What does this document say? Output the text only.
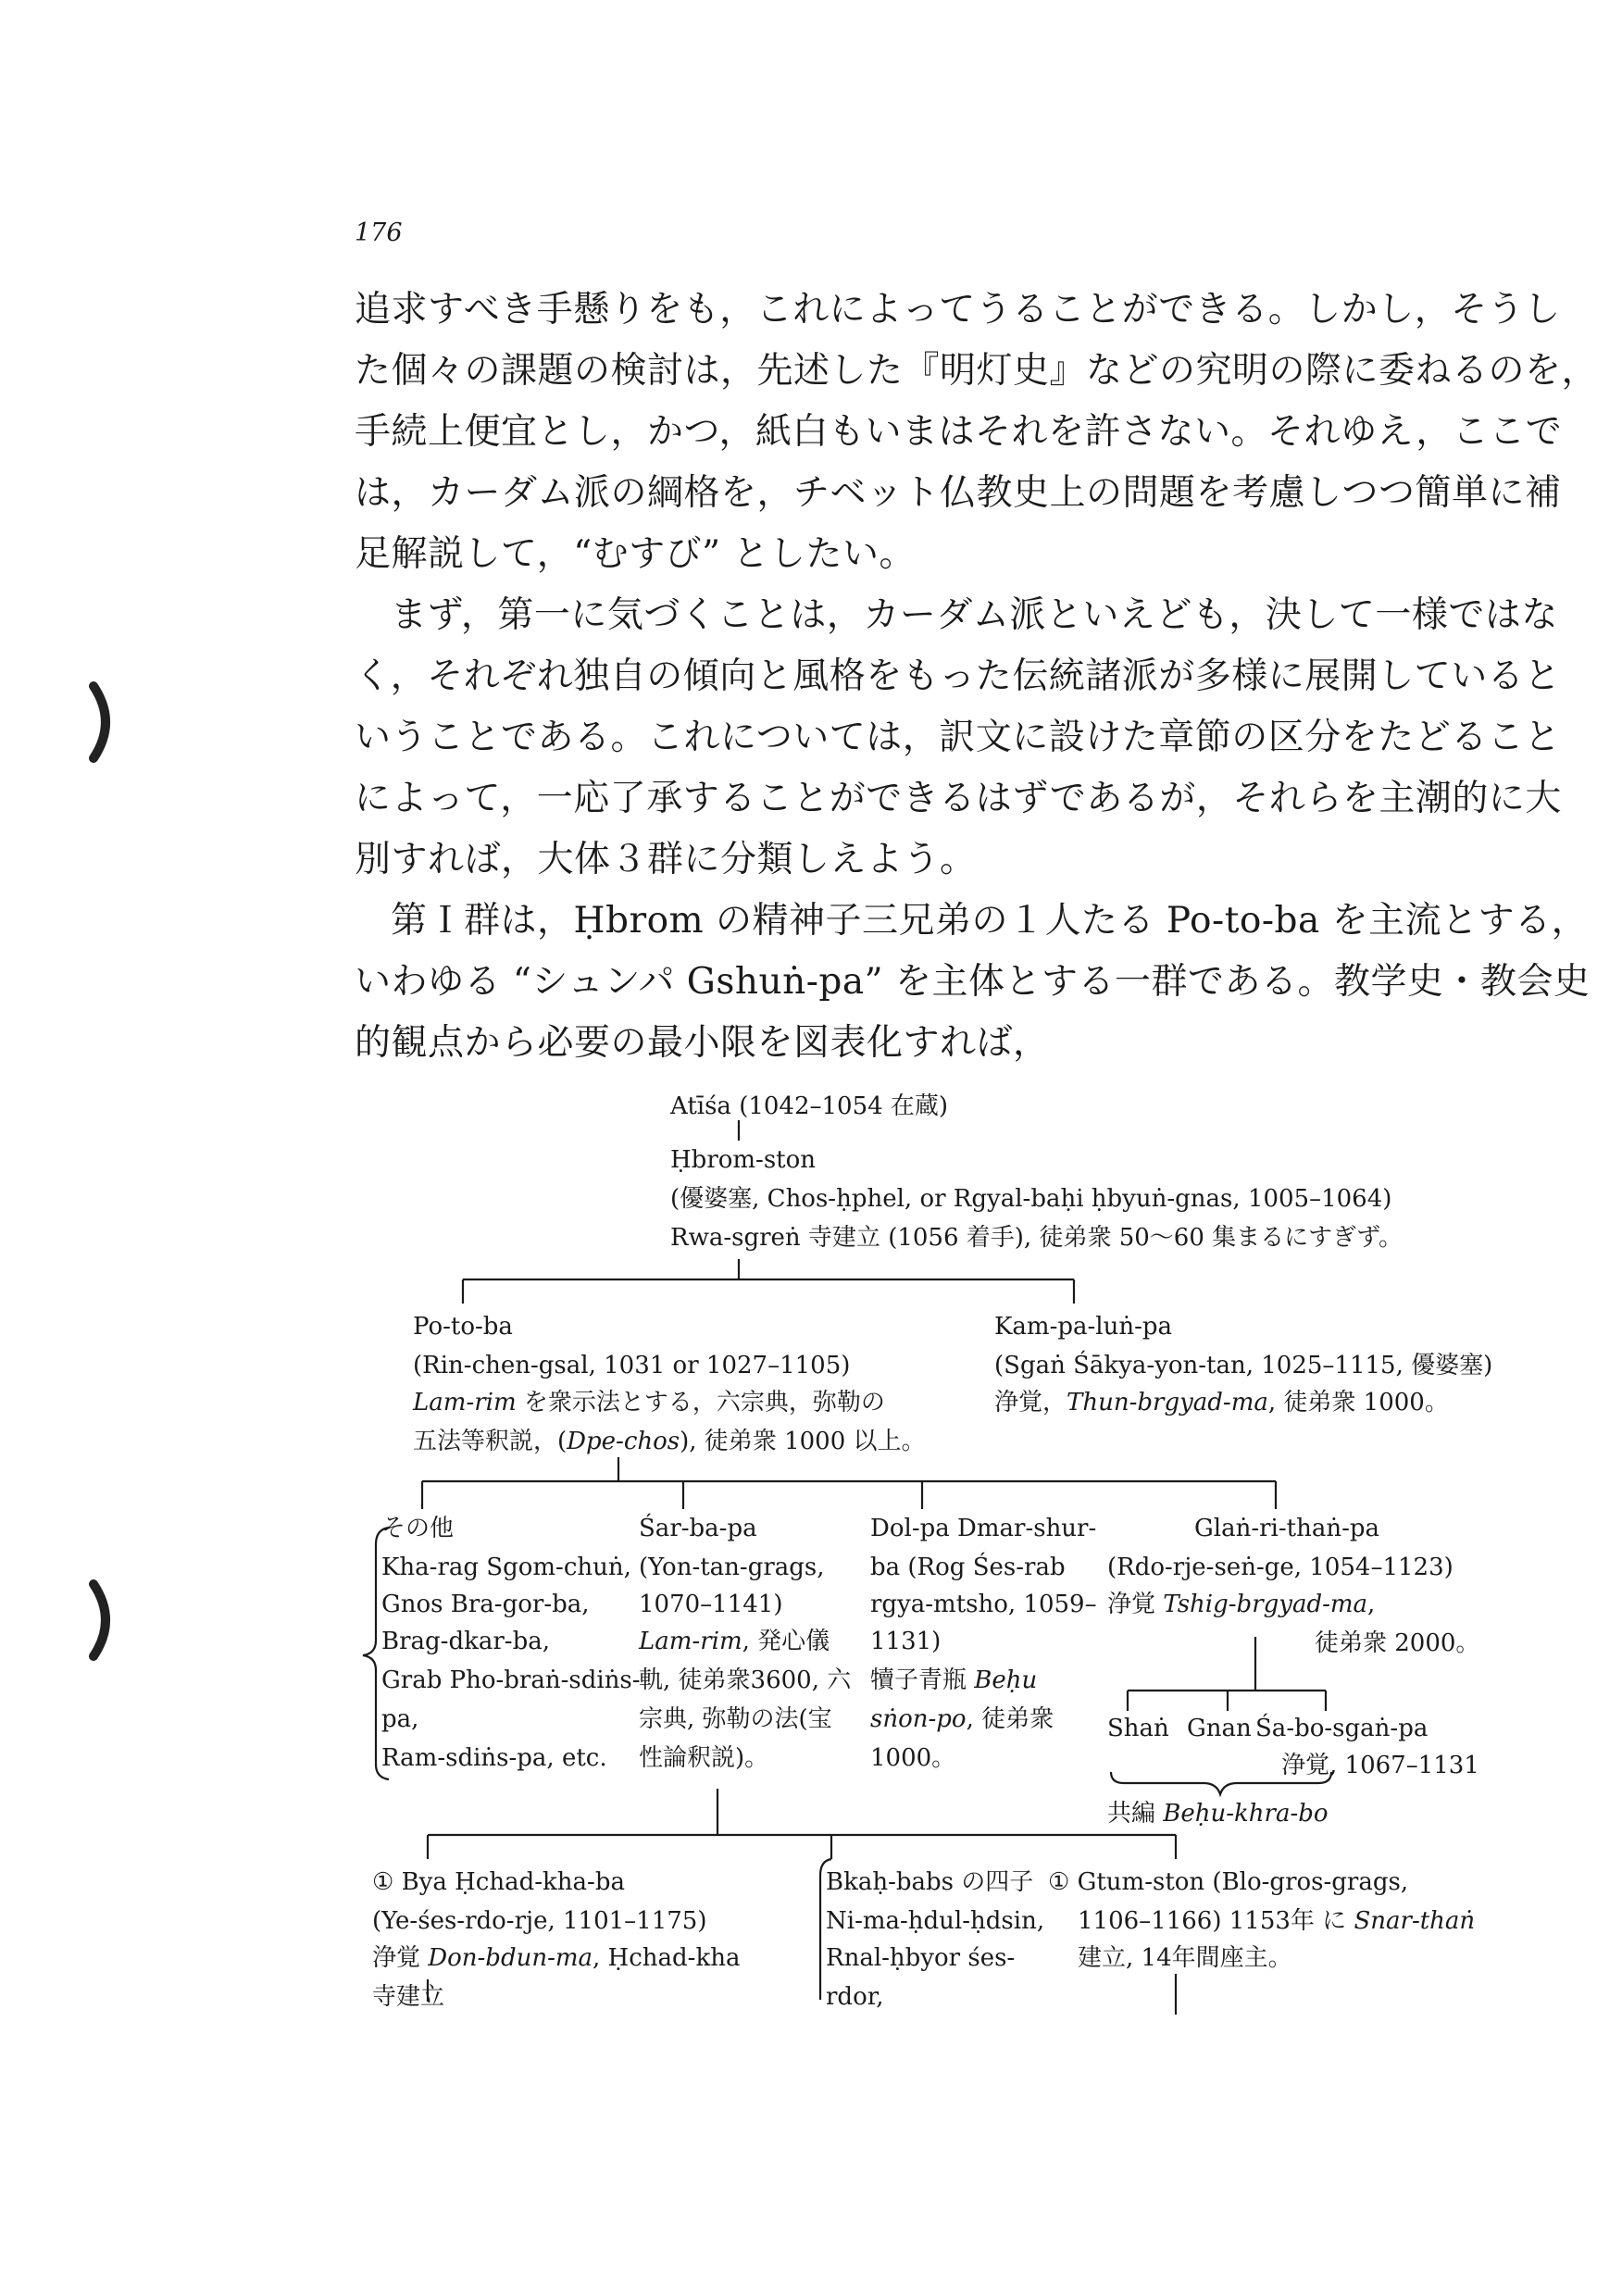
176

追求すべき手懸りをも，これによってうることができる。しかし，そうし
た個々の課題の検討は，先述した『明灯史』などの究明の際に委ねるのを，
手続上便宜とし，かつ，紙白もいまはそれを許さない。それゆえ，ここで
は，カーダム派の綱格を，チベット仏教史上の問題を考慮しつつ簡単に補
足解説して，“むすび” としたい。

まず，第一に気づくことは，カーダム派といえども，決して一様ではな
く，それぞれ独自の傾向と風格をもった伝統諸派が多様に展開していると
いうことである。これについては，訳文に設けた章節の区分をたどること
によって，一応了承することができるはずであるが，それらを主潮的に大
別すれば，大体３群に分類しえよう。

第Ｉ群は，Ḥbrom の精神子三兄弟の１人たる Po-to-ba を主流とする，
いわゆる “シュンパ Gshuṅ-pa” を主体とする一群である。教学史・教会史
的観点から必要の最小限を図表化すれば，

Atīśa (1042–1054 在蔵)
Ḥbrom-ston
(優婆塞, Chos-ḥphel, or Rgyal-baḥi ḥbyuṅ-gnas, 1005–1064)
Rwa-sgreṅ 寺建立 (1056 着手), 徒弟衆 50〜60 集まるにすぎず。
Po-to-ba
(Rin-chen-gsal, 1031 or 1027–1105)
Lam-rim を衆示法とする，六宗典，弥勒の
五法等釈説，(Dpe-chos), 徒弟衆 1000 以上。
Kam-pa-luṅ-pa
(Sgaṅ Śākya-yon-tan, 1025–1115, 優婆塞)
浄覚，Thun-brgyad-ma, 徒弟衆 1000。
その他
Kha-rag Sgom-chuṅ,
Gnos Bra-gor-ba,
Brag-dkar-ba,
Grab Pho-braṅ-sdiṅs-
pa,
Ram-sdiṅs-pa, etc.
Śar-ba-pa
(Yon-tan-grags,
1070–1141)
Lam-rim, 発心儀
軌, 徒弟衆3600, 六
宗典, 弥勒の法(宝
性論釈説)。
Dol-pa Dmar-shur-
ba (Rog Śes-rab
rgya-mtsho, 1059–
1131)
犢子青瓶 Beḥu
sṅon-po, 徒弟衆
1000。
Glaṅ-ri-thaṅ-pa
(Rdo-rje-seṅ-ge, 1054–1123)
浄覚 Tshig-brgyad-ma,
徒弟衆 2000。
Shaṅ Gnan Śa-bo-sgaṅ-pa
浄覚, 1067–1131
共編 Beḥu-khra-bo
① Bya Ḥchad-kha-ba
(Ye-śes-rdo-rje, 1101–1175)
浄覚 Don-bdun-ma, Ḥchad-kha
寺建立
Bkaḥ-babs の四子
Ni-ma-ḥdul-ḥdsin,
Rnal-ḥbyor śes-
rdor,
① Gtum-ston (Blo-gros-grags,
1106–1166) 1153年 に Snar-thaṅ
建立, 14年間座主。
